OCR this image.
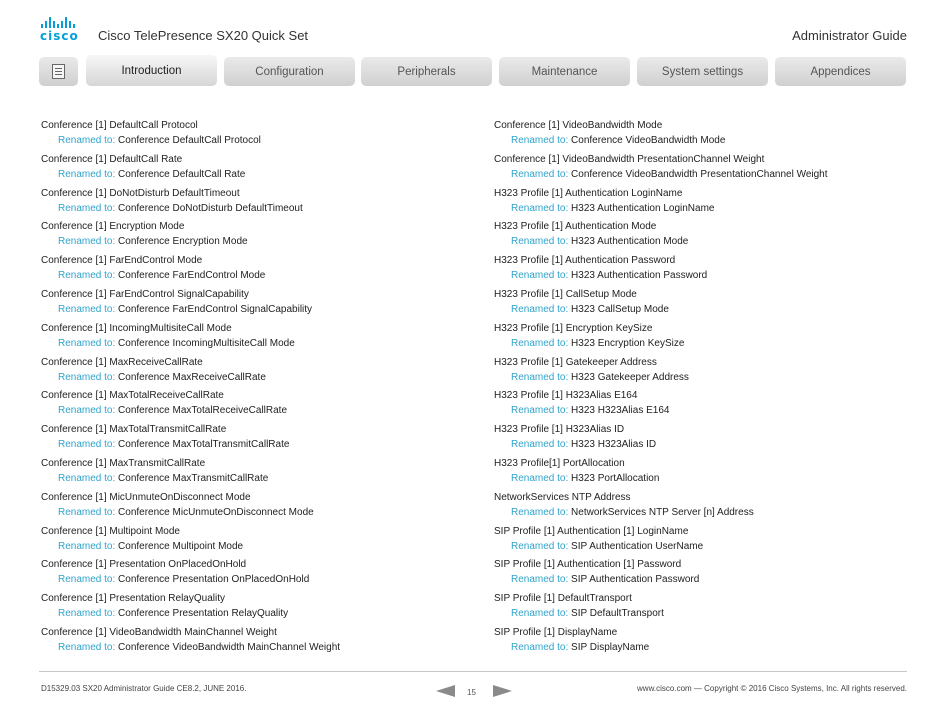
cisco	Cisco TelePresence SX20 Quick Set	Administrator Guide
Introduction	Configuration	Peripherals	Maintenance	System settings	Appendices
Conference [1] DefaultCall Protocol
Renamed to: Conference DefaultCall Protocol
Conference [1] DefaultCall Rate
Renamed to: Conference DefaultCall Rate
Conference [1] DoNotDisturb DefaultTimeout
Renamed to: Conference DoNotDisturb DefaultTimeout
Conference [1] Encryption Mode
Renamed to: Conference Encryption Mode
Conference [1] FarEndControl Mode
Renamed to: Conference FarEndControl Mode
Conference [1] FarEndControl SignalCapability
Renamed to: Conference FarEndControl SignalCapability
Conference [1] IncomingMultisiteCall Mode
Renamed to: Conference IncomingMultisiteCall Mode
Conference [1] MaxReceiveCallRate
Renamed to: Conference MaxReceiveCallRate
Conference [1] MaxTotalReceiveCallRate
Renamed to: Conference MaxTotalReceiveCallRate
Conference [1] MaxTotalTransmitCallRate
Renamed to: Conference MaxTotalTransmitCallRate
Conference [1] MaxTransmitCallRate
Renamed to: Conference MaxTransmitCallRate
Conference [1] MicUnmuteOnDisconnect Mode
Renamed to: Conference MicUnmuteOnDisconnect Mode
Conference [1] Multipoint Mode
Renamed to: Conference Multipoint Mode
Conference [1] Presentation OnPlacedOnHold
Renamed to: Conference Presentation OnPlacedOnHold
Conference [1] Presentation RelayQuality
Renamed to: Conference Presentation RelayQuality
Conference [1] VideoBandwidth MainChannel Weight
Renamed to: Conference VideoBandwidth MainChannel Weight
Conference [1] VideoBandwidth Mode
Renamed to: Conference VideoBandwidth Mode
Conference [1] VideoBandwidth PresentationChannel Weight
Renamed to: Conference VideoBandwidth PresentationChannel Weight
H323 Profile [1] Authentication LoginName
Renamed to: H323 Authentication LoginName
H323 Profile [1] Authentication Mode
Renamed to: H323 Authentication Mode
H323 Profile [1] Authentication Password
Renamed to: H323 Authentication Password
H323 Profile [1] CallSetup Mode
Renamed to: H323 CallSetup Mode
H323 Profile [1] Encryption KeySize
Renamed to: H323 Encryption KeySize
H323 Profile [1] Gatekeeper Address
Renamed to: H323 Gatekeeper Address
H323 Profile [1] H323Alias E164
Renamed to: H323 H323Alias E164
H323 Profile [1] H323Alias ID
Renamed to: H323 H323Alias ID
H323 Profile[1] PortAllocation
Renamed to: H323 PortAllocation
NetworkServices NTP Address
Renamed to: NetworkServices NTP Server [n] Address
SIP Profile [1] Authentication [1] LoginName
Renamed to: SIP Authentication UserName
SIP Profile [1] Authentication [1] Password
Renamed to: SIP Authentication Password
SIP Profile [1] DefaultTransport
Renamed to: SIP DefaultTransport
SIP Profile [1] DisplayName
Renamed to: SIP DisplayName
D15329.03 SX20 Administrator Guide CE8.2, JUNE 2016.	15	www.cisco.com — Copyright © 2016 Cisco Systems, Inc. All rights reserved.
